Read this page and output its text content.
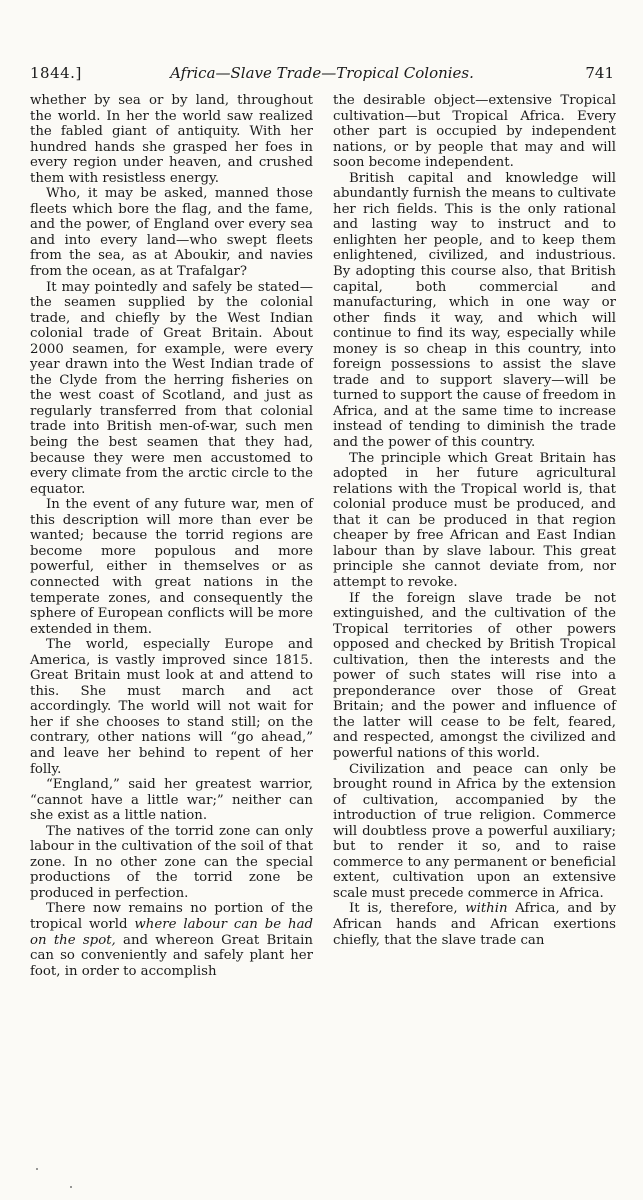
1844.]	Africa—Slave Trade—Tropical Colonies.	741

whether by sea or by land, throughout the world. In her the world saw realized the fabled giant of antiquity. With her hundred hands she grasped her foes in every region under heaven, and crushed them with resistless energy.

Who, it may be asked, manned those fleets which bore the flag, and the fame, and the power, of England over every sea and into every land—who swept fleets from the sea, as at Aboukir, and navies from the ocean, as at Trafalgar?

It may pointedly and safely be stated—the seamen supplied by the colonial trade, and chiefly by the West Indian colonial trade of Great Britain. About 2000 seamen, for example, were every year drawn into the West Indian trade of the Clyde from the herring fisheries on the west coast of Scotland, and just as regularly transferred from that colonial trade into British men-of-war, such men being the best seamen that they had, because they were men accustomed to every climate from the arctic circle to the equator.

In the event of any future war, men of this description will more than ever be wanted; because the torrid regions are become more populous and more powerful, either in themselves or as connected with great nations in the temperate zones, and consequently the sphere of European conflicts will be more extended in them.

The world, especially Europe and America, is vastly improved since 1815. Great Britain must look at and attend to this. She must march and act accordingly. The world will not wait for her if she chooses to stand still; on the contrary, other nations will “go ahead,” and leave her behind to repent of her folly.

“England,” said her greatest warrior, “cannot have a little war;” neither can she exist as a little nation.

The natives of the torrid zone can only labour in the cultivation of the soil of that zone. In no other zone can the special productions of the torrid zone be produced in perfection.

There now remains no portion of the tropical world where labour can be had on the spot, and whereon Great Britain can so conveniently and safely plant her foot, in order to accomplish

the desirable object—extensive Tropical cultivation—but Tropical Africa. Every other part is occupied by independent nations, or by people that may and will soon become independent.

British capital and knowledge will abundantly furnish the means to cultivate her rich fields. This is the only rational and lasting way to instruct and to enlighten her people, and to keep them enlightened, civilized, and industrious. By adopting this course also, that British capital, both commercial and manufacturing, which in one way or other finds it way, and which will continue to find its way, especially while money is so cheap in this country, into foreign possessions to assist the slave trade and to support slavery—will be turned to support the cause of freedom in Africa, and at the same time to increase instead of tending to diminish the trade and the power of this country.

The principle which Great Britain has adopted in her future agricultural relations with the Tropical world is, that colonial produce must be produced, and that it can be produced in that region cheaper by free African and East Indian labour than by slave labour. This great principle she cannot deviate from, nor attempt to revoke.

If the foreign slave trade be not extinguished, and the cultivation of the Tropical territories of other powers opposed and checked by British Tropical cultivation, then the interests and the power of such states will rise into a preponderance over those of Great Britain; and the power and influence of the latter will cease to be felt, feared, and respected, amongst the civilized and powerful nations of this world.

Civilization and peace can only be brought round in Africa by the extension of cultivation, accompanied by the introduction of true religion. Commerce will doubtless prove a powerful auxiliary; but to render it so, and to raise commerce to any permanent or beneficial extent, cultivation upon an extensive scale must precede commerce in Africa.

It is, therefore, within Africa, and by African hands and African exertions chiefly, that the slave trade can
